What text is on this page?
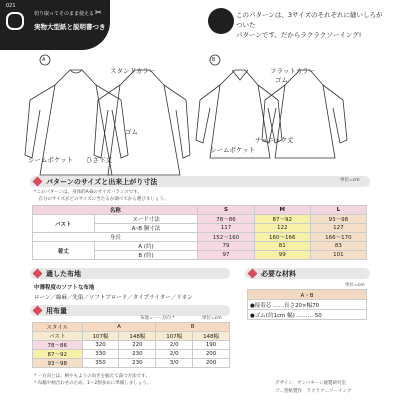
021
切り取ってそのまま使える
実物大型紙と説明書つき
✂	このパターンは、3サイズのそれぞれに縫いしろがついた
パターンです。だからラクラクソーイング!
A	B
スタンドカラー
ゴム
シームポケット ひざ下丈
フラットカラー
ゴム
シームポケット
チュニック丈
パターンのサイズと出来上がり寸法	単位=cm
*このパターンは、身体的A-Bのサイズバランスです。
　自分のサイズがどのサイズに当たるか調べてから選びましょう。
名称		S	M	L
バスト	ヌード寸法	78〜86	87〜92	93〜98
	A･B 胴寸法	117	122	127
身長		152〜160	160〜166	166〜170
着丈	A (約)	79	81	83
	B (約)	97	99	101
適した布地
中薄程度のソフトな布地
ローン／綿麻／先染／ソフトブロード／タイプライター／リネン
必要な材料
単位=cm
A・B
●接着芯 ……長さ20×幅70
●ゴム(約1cm 幅) ……… 50
用布量
布地=一ー方向 *	単位=cm
スタイル	A		B	
バスト	107幅	148幅	107幅	148幅
78〜86	320	220	2/0	190
87〜92	330	230	2/0	200
93〜98	350	230	3/0	200
* 一方向とは、柄やもようの向きを揃えて裁つ方法です。
* 布幅や柄合わせのため、1〜2割多めに準備しましょう。	デザイン：サンパターン縫製研究室
ゴ…型紙製作　ラクラク…ソーイング
